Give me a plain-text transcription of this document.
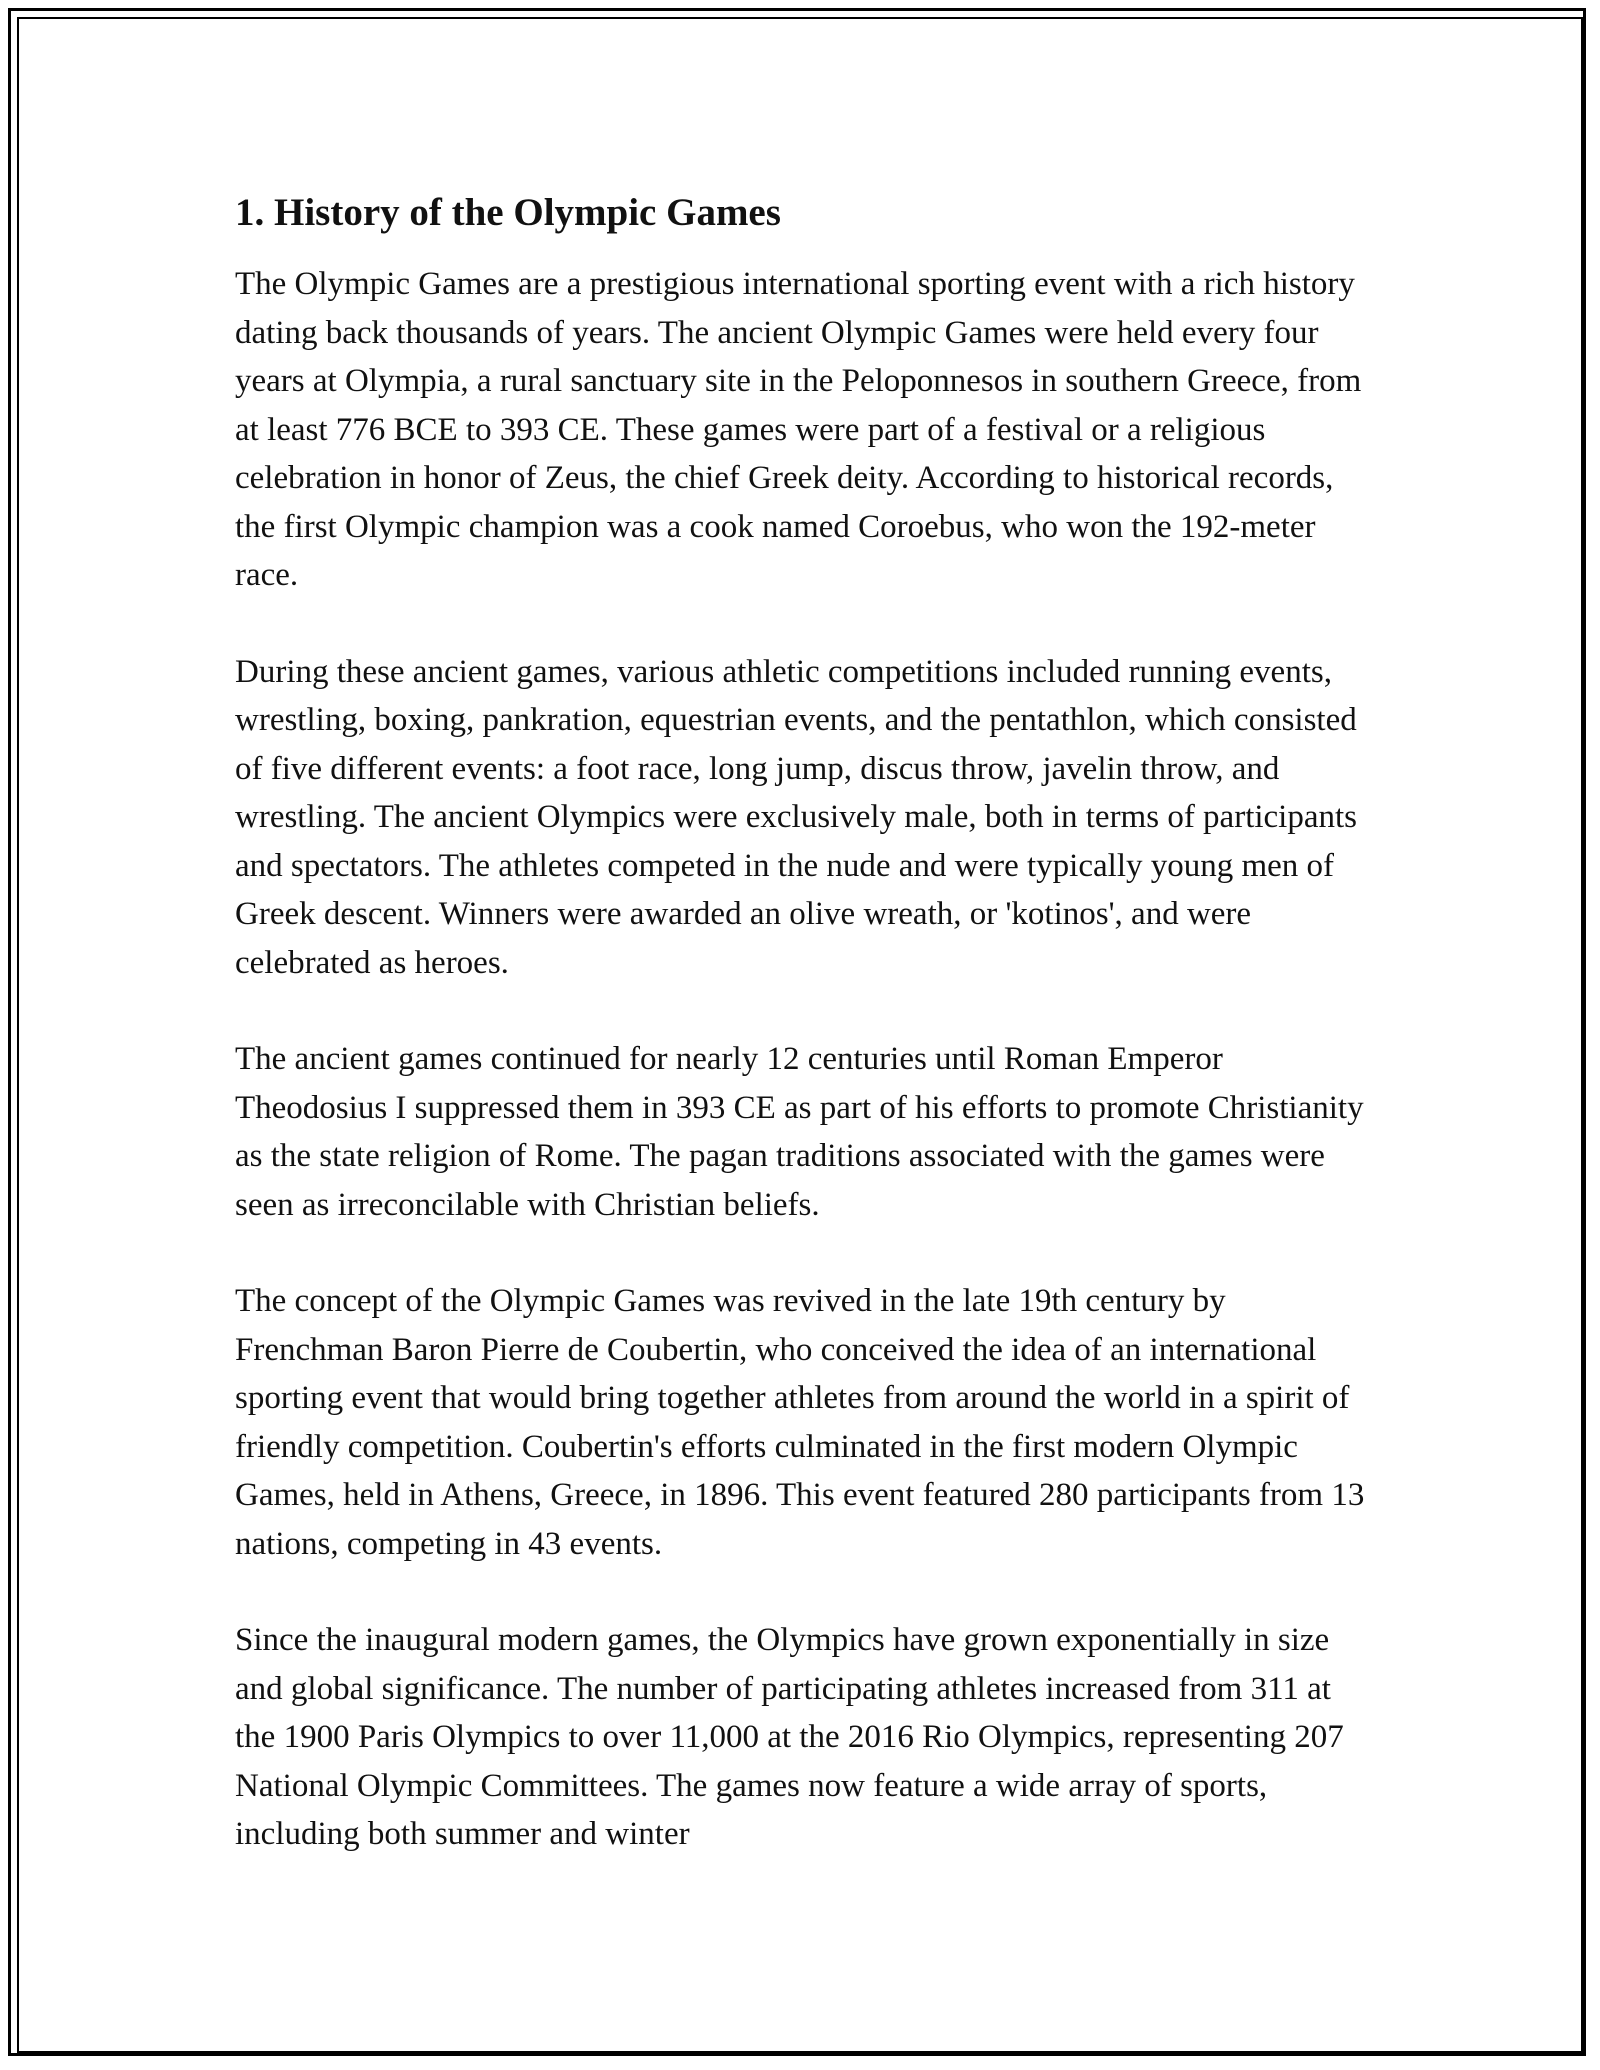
1. History of the Olympic Games

The Olympic Games are a prestigious international sporting event with a rich history dating back thousands of years. The ancient Olympic Games were held every four years at Olympia, a rural sanctuary site in the Peloponnesos in southern Greece, from at least 776 BCE to 393 CE. These games were part of a festival or a religious celebration in honor of Zeus, the chief Greek deity. According to historical records, the first Olympic champion was a cook named Coroebus, who won the 192-meter race.

During these ancient games, various athletic competitions included running events, wrestling, boxing, pankration, equestrian events, and the pentathlon, which consisted of five different events: a foot race, long jump, discus throw, javelin throw, and wrestling. The ancient Olympics were exclusively male, both in terms of participants and spectators. The athletes competed in the nude and were typically young men of Greek descent. Winners were awarded an olive wreath, or 'kotinos', and were celebrated as heroes.

The ancient games continued for nearly 12 centuries until Roman Emperor Theodosius I suppressed them in 393 CE as part of his efforts to promote Christianity as the state religion of Rome. The pagan traditions associated with the games were seen as irreconcilable with Christian beliefs.

The concept of the Olympic Games was revived in the late 19th century by Frenchman Baron Pierre de Coubertin, who conceived the idea of an international sporting event that would bring together athletes from around the world in a spirit of friendly competition. Coubertin's efforts culminated in the first modern Olympic Games, held in Athens, Greece, in 1896. This event featured 280 participants from 13 nations, competing in 43 events.

Since the inaugural modern games, the Olympics have grown exponentially in size and global significance. The number of participating athletes increased from 311 at the 1900 Paris Olympics to over 11,000 at the 2016 Rio Olympics, representing 207 National Olympic Committees. The games now feature a wide array of sports, including both summer and winter
